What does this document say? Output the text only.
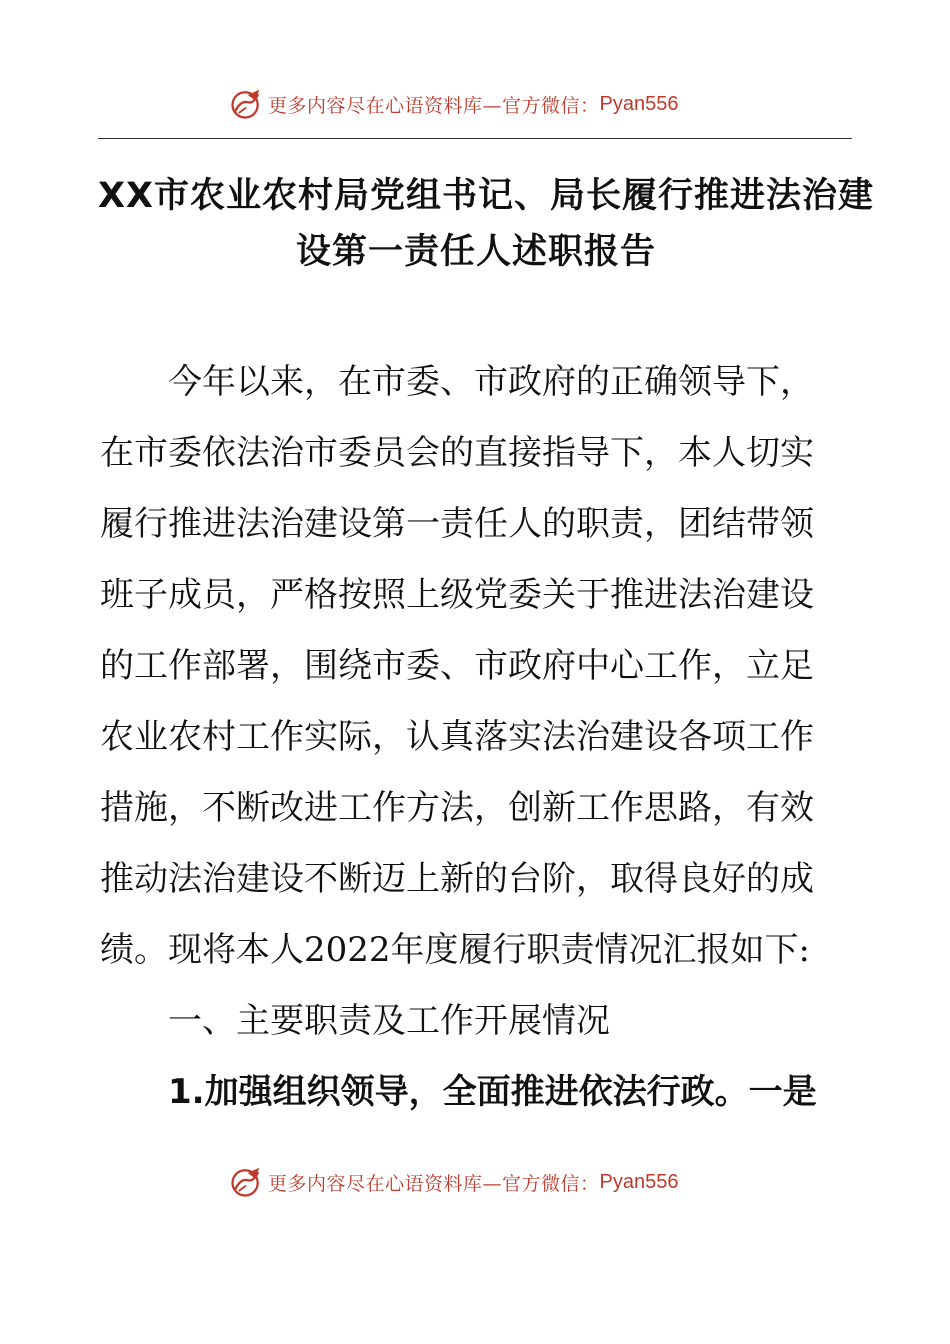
更多内容尽在心语资料库—官方微信： Pyan556
XX市农业农村局党组书记、局长履行推进法治建
设第一责任人述职报告

　　今年以来，在市委、市政府的正确领导下，

在市委依法治市委员会的直接指导下，本人切实

履行推进法治建设第一责任人的职责，团结带领

班子成员，严格按照上级党委关于推进法治建设

的工作部署，围绕市委、市政府中心工作，立足

农业农村工作实际，认真落实法治建设各项工作

措施，不断改进工作方法，创新工作思路，有效

推动法治建设不断迈上新的台阶，取得良好的成

绩。现将本人2022年度履行职责情况汇报如下:

　　一、主要职责及工作开展情况

　　1.加强组织领导，全面推进依法行政。一是

更多内容尽在心语资料库—官方微信： Pyan556
